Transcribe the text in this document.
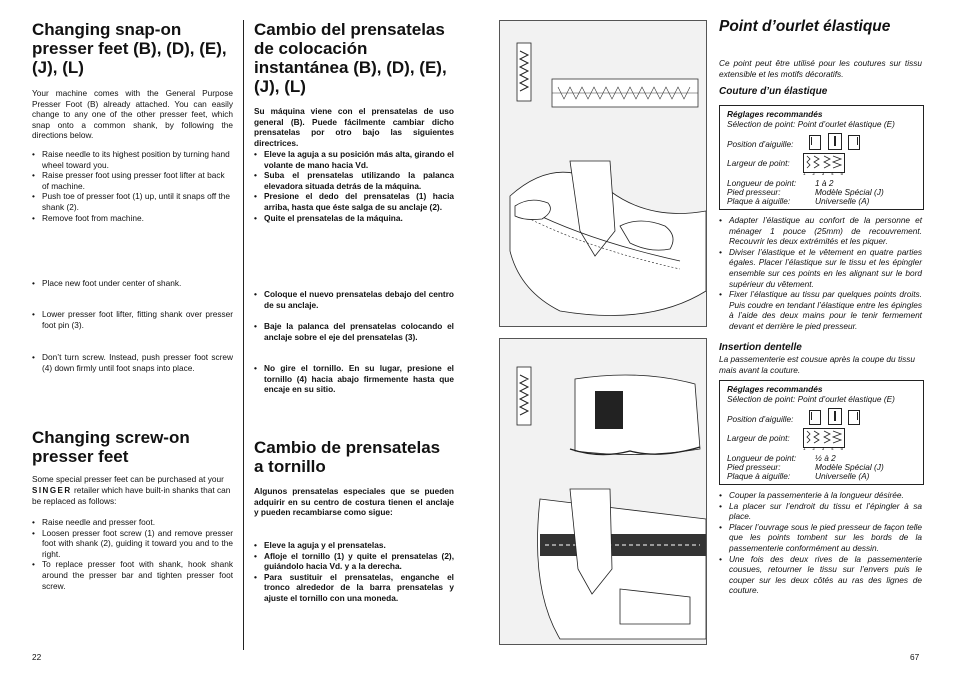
Changing snap-on presser feet (B), (D), (E), (J), (L)
Your machine comes with the General Purpose Presser Foot (B) already attached. You can easily change to any one of the other presser feet, which snap onto a common shank, by following the directions below.
• Raise needle to its highest position by turning hand wheel toward you.
• Raise presser foot using presser foot lifter at back of machine.
• Push toe of presser foot (1) up, until it snaps off the shank (2).
• Remove foot from machine.
• Place new foot under center of shank.
• Lower presser foot lifter, fitting shank over presser foot pin (3).
• Don’t turn screw. Instead, push presser foot screw (4) down firmly until foot snaps into place.
Changing screw-on presser feet
Some special presser feet can be purchased at your SINGER retailer which have built-in shanks that can be replaced as follows:
• Raise needle and presser foot.
• Loosen presser foot screw (1) and remove presser foot with shank (2), guiding it toward you and to the right.
• To replace presser foot with shank, hook shank around the presser bar and tighten presser foot screw.
22
Cambio del prensatelas de colocación instantánea (B), (D), (E), (J), (L)
Su máquina viene con el prensatelas de uso general (B). Puede fácilmente cambiar dicho prensatelas por otro bajo las siguientes directrices.
• Eleve la aguja a su posición más alta, girando el volante de mano hacia Vd.
• Suba el prensatelas utilizando la palanca elevadora situada detrás de la máquina.
• Presione el dedo del prensatelas (1) hacia arriba, hasta que éste salga de su anclaje (2).
• Quite el prensatelas de la máquina.
• Coloque el nuevo prensatelas debajo del centro de su anclaje.
• Baje la palanca del prensatelas colocando el anclaje sobre el eje del prensatelas (3).
• No gire el tornillo. En su lugar, presione el tornillo (4) hacia abajo firmemente hasta que encaje en su sitio.
Cambio de prensatelas a tornillo
Algunos prensatelas especiales que se pueden adquirir en su centro de costura tienen el anclaje y pueden recambiarse como sigue:
• Eleve la aguja y el prensatelas.
• Afloje el tornillo (1) y quite el prensatelas (2), guiándolo hacia Vd. y a la derecha.
• Para sustituir el prensatelas, enganche el tronco alrededor de la barra prensatelas y ajuste el tornillo con una moneda.
Point d’ourlet élastique
Ce point peut être utilisé pour les coutures sur tissu extensible et les motifs décoratifs.
Couture d’un élastique
Réglages recommandés
Sélection de point: Point d’ourlet élastique (E)
Position d’aiguille:
Largeur de point:
1 2 3 4 5
Longueur de point: 1 à 2
Pied presseur:	Modèle Spécial (J)
Plaque à aiguille:	Universelle (A)
• Adapter l’élastique au confort de la personne et ménager 1 pouce (25mm) de recouvrement. Recouvrir les deux extrémités et les piquer.
• Diviser l’élastique et le vêtement en quatre parties égales. Placer l’élastique sur le tissu et les épingler ensemble sur ces points en les alignant sur le bord supérieur du vêtement.
• Fixer l’élastique au tissu par quelques points droits. Puis coudre en tendant l’élastique entre les épingles à l’aide des deux mains pour le tenir fermement devant et derrière le pied presseur.
Insertion dentelle
La passementerie est cousue après la coupe du tissu mais avant la couture.
Réglages recommandés
Sélection de point: Point d’ourlet élastique (E)
Position d’aiguille:
Largeur de point:
1 2 3 4 5
Longueur de point: ½ à 2
Pied presseur:	Modèle Spécial (J)
Plaque à aiguille:	Universelle (A)
• Couper la passementerie à la longueur désirée.
• La placer sur l’endroit du tissu et l’épingler à sa place.
• Placer l’ouvrage sous le pied presseur de façon telle que les points tombent sur les bords de la passementerie conformément au dessin.
• Une fois des deux rives de la passementerie cousues, retourner le tissu sur l’envers puis le couper sur les deux côtés au ras des lignes de couture.
67
